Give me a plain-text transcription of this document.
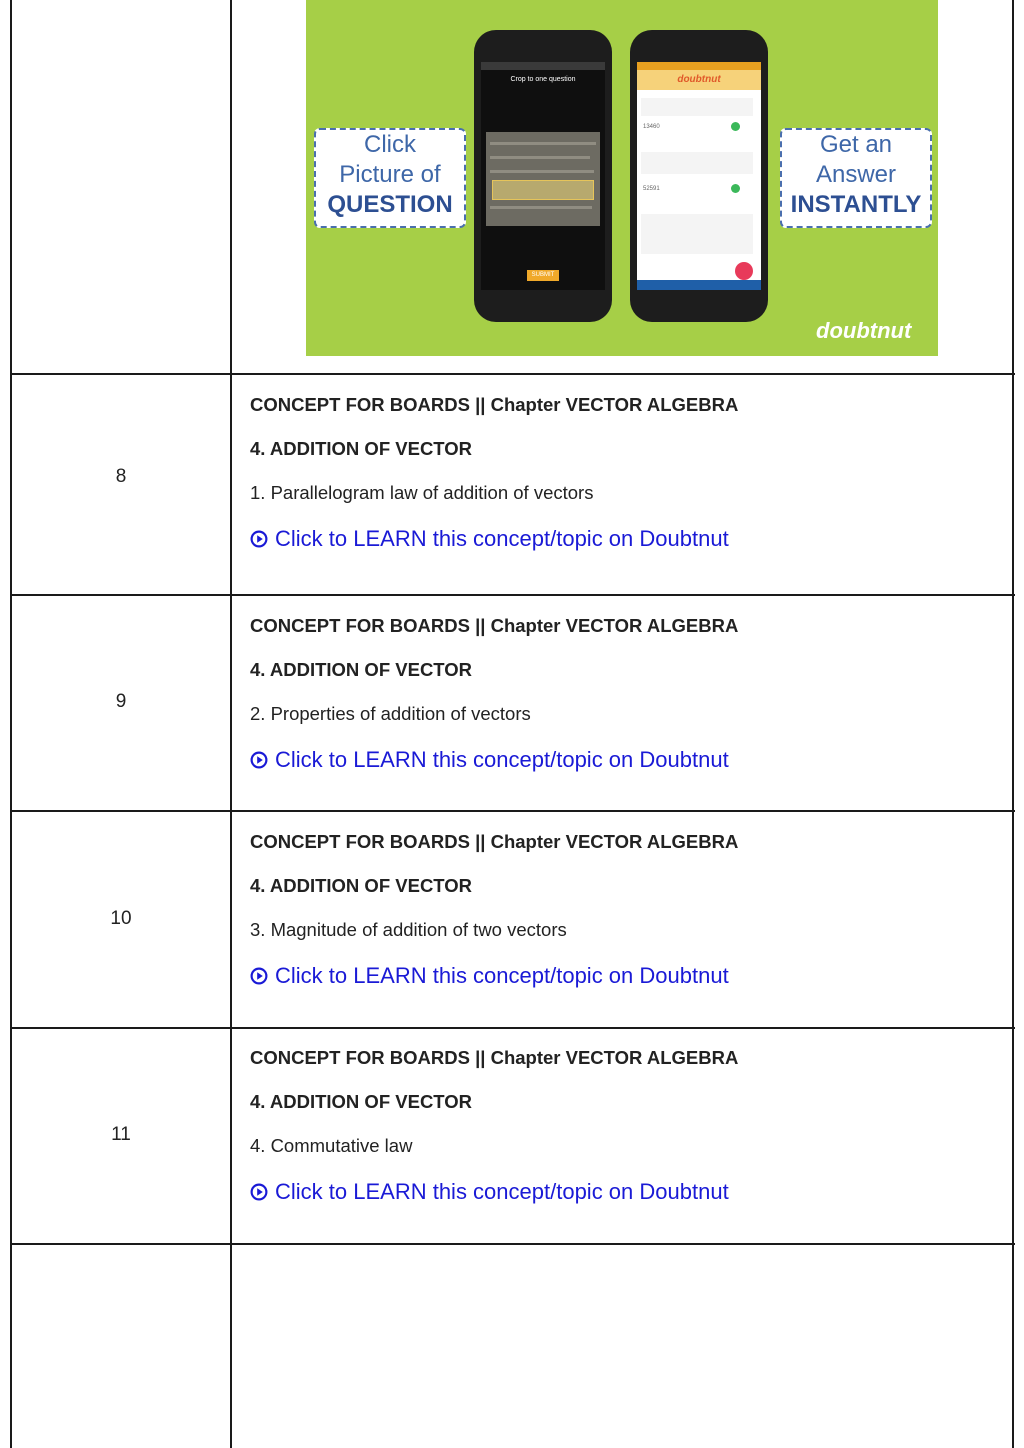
Click
Picture of
QUESTION
Get an
Answer
INSTANTLY
Crop to one question
SUBMIT
doubtnut
13460
52591
doubtnut
8
CONCEPT FOR BOARDS || Chapter VECTOR ALGEBRA
4. ADDITION OF VECTOR
1. Parallelogram law of addition of vectors
Click to LEARN this concept/topic on Doubtnut
9
CONCEPT FOR BOARDS || Chapter VECTOR ALGEBRA
4. ADDITION OF VECTOR
2. Properties of addition of vectors
Click to LEARN this concept/topic on Doubtnut
10
CONCEPT FOR BOARDS || Chapter VECTOR ALGEBRA
4. ADDITION OF VECTOR
3. Magnitude of addition of two vectors
Click to LEARN this concept/topic on Doubtnut
11
CONCEPT FOR BOARDS || Chapter VECTOR ALGEBRA
4. ADDITION OF VECTOR
4. Commutative law
Click to LEARN this concept/topic on Doubtnut
